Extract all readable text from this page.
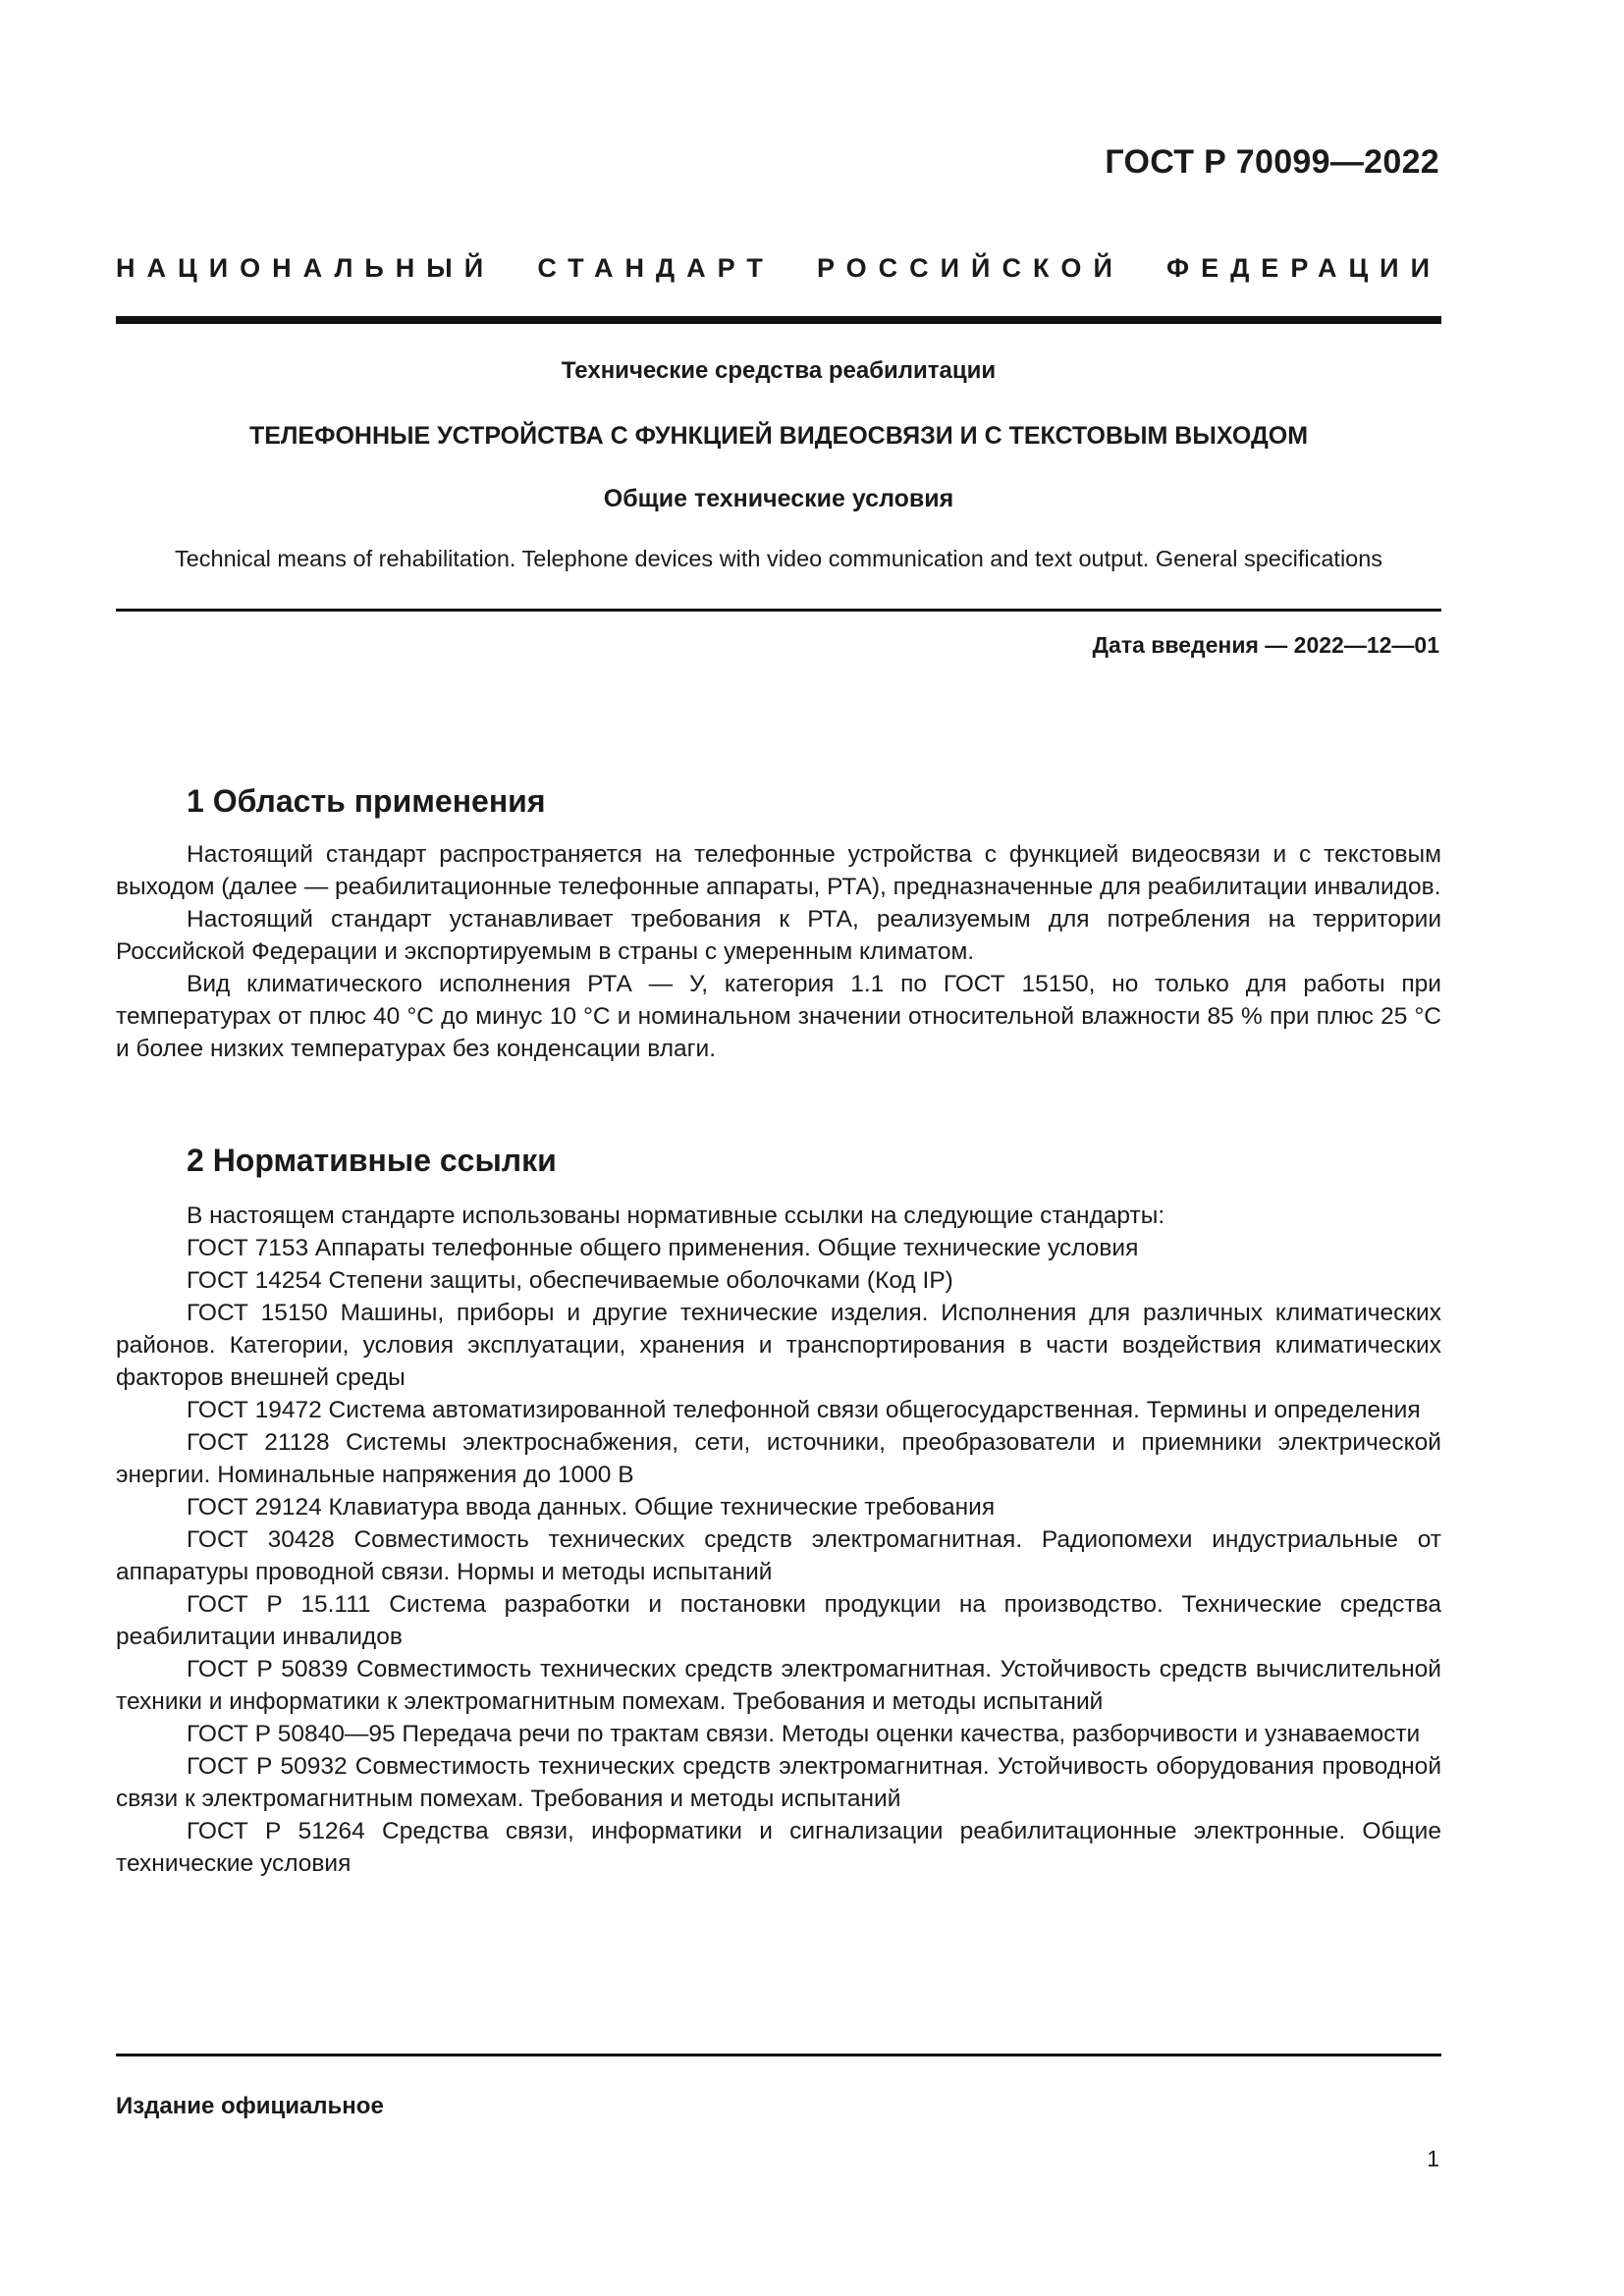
ГОСТ Р 70099—2022
НАЦИОНАЛЬНЫЙ СТАНДАРТ РОССИЙСКОЙ ФЕДЕРАЦИИ
Технические средства реабилитации
ТЕЛЕФОННЫЕ УСТРОЙСТВА С ФУНКЦИЕЙ ВИДЕОСВЯЗИ И С ТЕКСТОВЫМ ВЫХОДОМ
Общие технические условия
Technical means of rehabilitation. Telephone devices with video communication and text output. General specifications
Дата введения — 2022—12—01
1 Область применения

Настоящий стандарт распространяется на телефонные устройства с функцией видеосвязи и с текстовым выходом (далее — реабилитационные телефонные аппараты, РТА), предназначенные для реабилитации инвалидов.

Настоящий стандарт устанавливает требования к РТА, реализуемым для потребления на территории Российской Федерации и экспортируемым в страны с умеренным климатом.

Вид климатического исполнения РТА — У, категория 1.1 по ГОСТ 15150, но только для работы при температурах от плюс 40 °С до минус 10 °С и номинальном значении относительной влажности 85 % при плюс 25 °С и более низких температурах без конденсации влаги.

2 Нормативные ссылки

В настоящем стандарте использованы нормативные ссылки на следующие стандарты:

ГОСТ 7153 Аппараты телефонные общего применения. Общие технические условия

ГОСТ 14254 Степени защиты, обеспечиваемые оболочками (Код IP)

ГОСТ 15150 Машины, приборы и другие технические изделия. Исполнения для различных климатических районов. Категории, условия эксплуатации, хранения и транспортирования в части воздействия климатических факторов внешней среды

ГОСТ 19472 Система автоматизированной телефонной связи общегосударственная. Термины и определения

ГОСТ 21128 Системы электроснабжения, сети, источники, преобразователи и приемники электрической энергии. Номинальные напряжения до 1000 В

ГОСТ 29124 Клавиатура ввода данных. Общие технические требования

ГОСТ 30428 Совместимость технических средств электромагнитная. Радиопомехи индустриальные от аппаратуры проводной связи. Нормы и методы испытаний

ГОСТ Р 15.111 Система разработки и постановки продукции на производство. Технические средства реабилитации инвалидов

ГОСТ Р 50839 Совместимость технических средств электромагнитная. Устойчивость средств вычислительной техники и информатики к электромагнитным помехам. Требования и методы испытаний

ГОСТ Р 50840—95 Передача речи по трактам связи. Методы оценки качества, разборчивости и узнаваемости

ГОСТ Р 50932 Совместимость технических средств электромагнитная. Устойчивость оборудования проводной связи к электромагнитным помехам. Требования и методы испытаний

ГОСТ Р 51264 Средства связи, информатики и сигнализации реабилитационные электронные. Общие технические условия

Издание официальное
1
